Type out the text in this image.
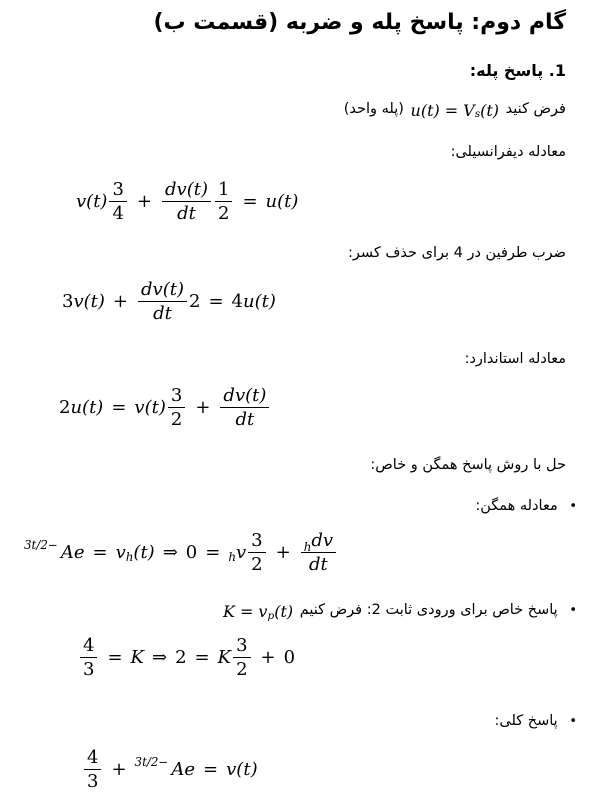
گام دوم: پاسخ پله و ضربه (قسمت ب)
1. پاسخ پله:

فرض کنید
u(t) = V s (t)
(پله واحد)

معادله دیفرانسیلی:

$v(t) \frac{3}{4} + \frac{dv(t)}{dt} \frac{1}{2} = u(t)$

ضرب طرفین در 4 برای حذف کسر:

3 $v(t) + \frac{dv(t)}{dt} 2 = 4$ u(t)

معادله استاندارد:

2 $u(t) = v(t) \frac{3}{2} + \frac{dv(t)}{dt}$

حل با روش پاسخ همگن و خاص:

• معادله همگن:
3t/2− Ae = v h (t) ⇒ 0 = h v $\frac{3}{2} + \frac{\text{h dv}}{dt}$
• پاسخ خاص برای ورودی ثابت 2: فرض کنیم
K = v p (t)
$\frac{4}{3} = K$ ⇒ 2 = K $\frac{3}{2} + 0$
• پاسخ کلی:
$\frac{4}{3} + 3t/2- Ae = v(t)$
